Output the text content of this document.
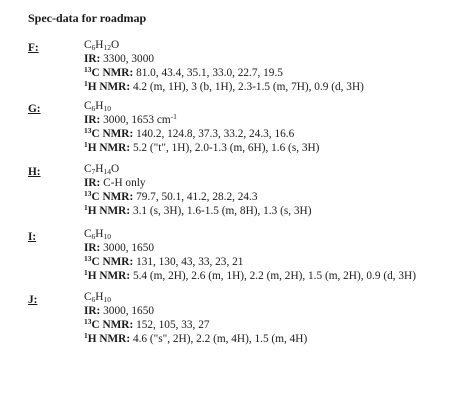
Spec-data for roadmap
F:	$C_6H_{12}O$
IR: 3300, 3000
$^{13}$C NMR: 81.0, 43.4, 35.1, 33.0, 22.7, 19.5
$^1$H NMR: 4.2 (m, 1H), 3 (b, 1H), 2.3-1.5 (m, 7H), 0.9 (d, 3H)
G:	$C_6H_{10}$
IR: 3000, 1653 $cm^{-1}$
$^{13}$C NMR: 140.2, 124.8, 37.3, 33.2, 24.3, 16.6
$^1$H NMR: 5.2 ("t", 1H), 2.0-1.3 (m, 6H), 1.6 (s, 3H)
H:	$C_7H_{14}O$
IR: C-H only
$^{13}$C NMR: 79.7, 50.1, 41.2, 28.2, 24.3
$^1$H NMR: 3.1 (s, 3H), 1.6-1.5 (m, 8H), 1.3 (s, 3H)
I:	$C_6H_{10}$
IR: 3000, 1650
$^{13}$C NMR: 131, 130, 43, 33, 23, 21
$^1$H NMR: 5.4 (m, 2H), 2.6 (m, 1H), 2.2 (m, 2H), 1.5 (m, 2H), 0.9 (d, 3H)
J:	$C_6H_{10}$
IR: 3000, 1650
$^{13}$C NMR: 152, 105, 33, 27
$^1$H NMR: 4.6 ("s", 2H), 2.2 (m, 4H), 1.5 (m, 4H)
